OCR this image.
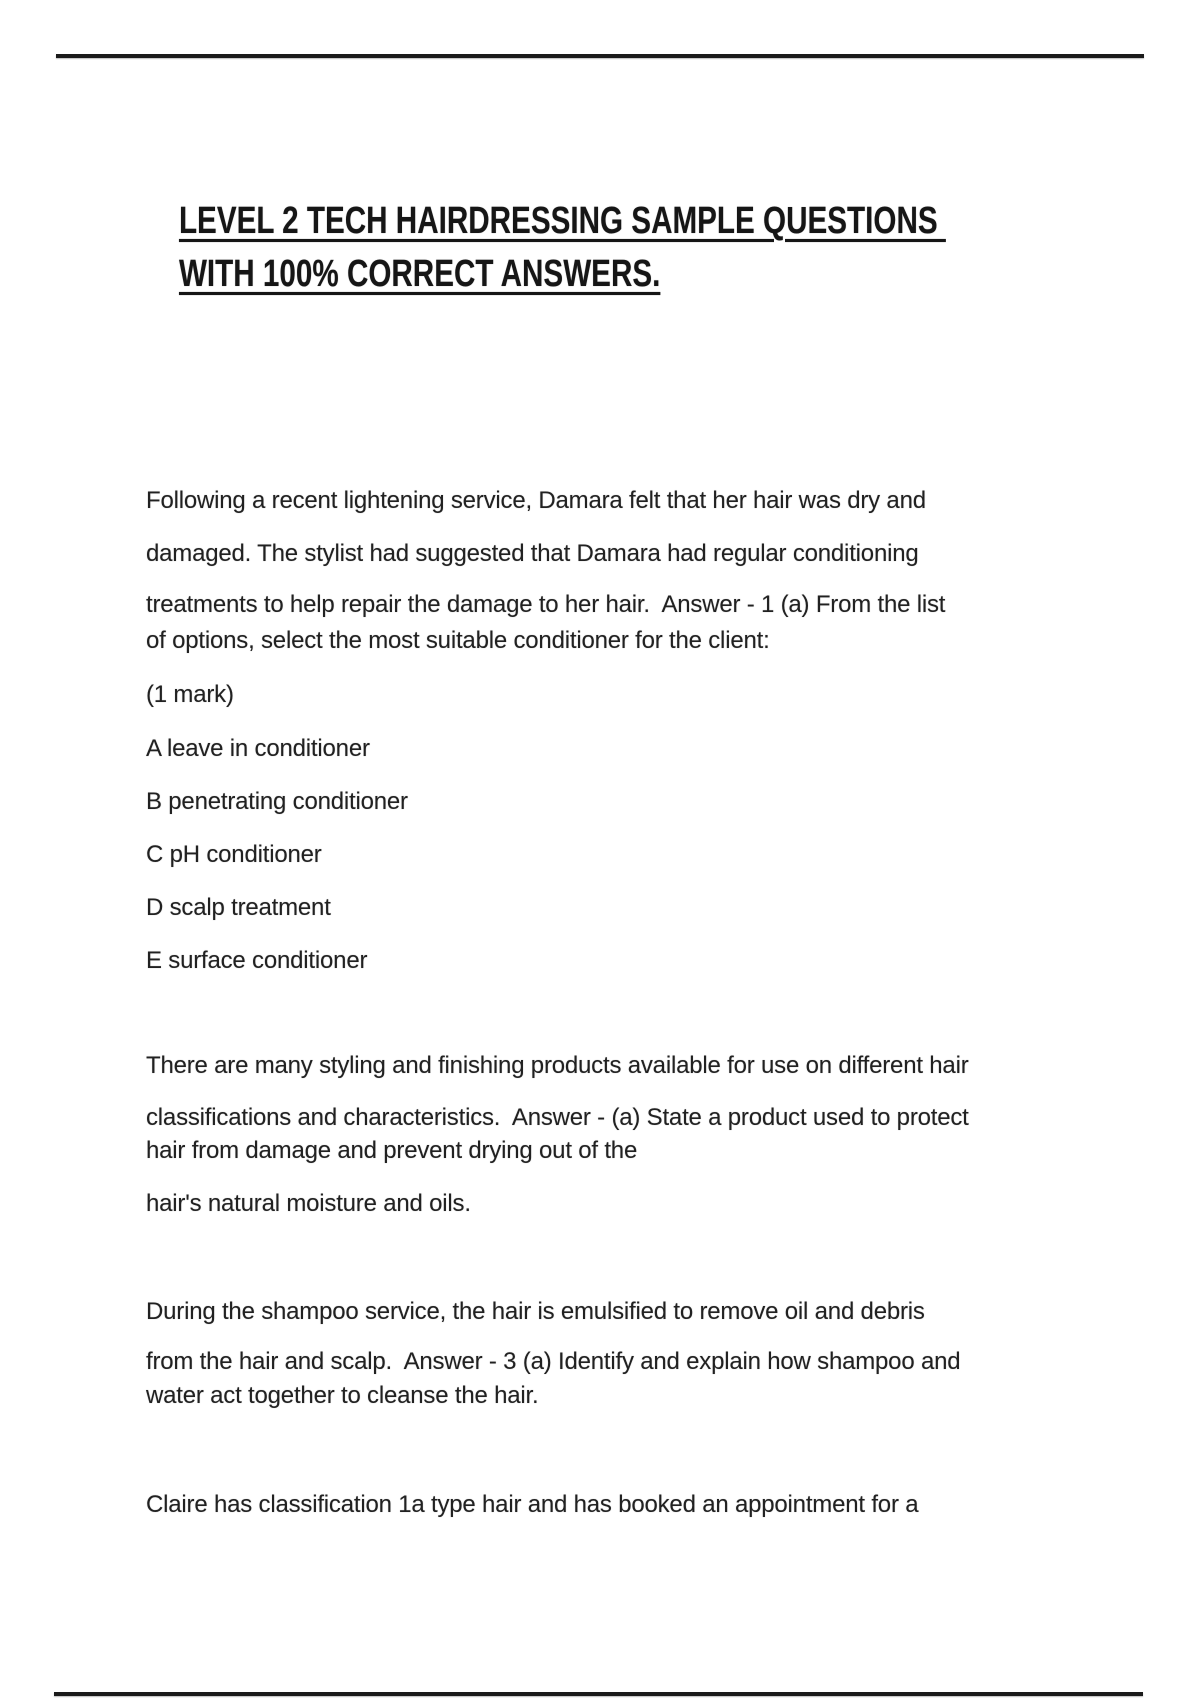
LEVEL 2 TECH HAIRDRESSING SAMPLE QUESTIONS

WITH 100% CORRECT ANSWERS.

Following a recent lightening service, Damara felt that her hair was dry and
damaged. The stylist had suggested that Damara had regular conditioning
treatments to help repair the damage to her hair.  Answer - 1 (a) From the list
of options, select the most suitable conditioner for the client:
(1 mark)
A leave in conditioner
B penetrating conditioner
C pH conditioner
D scalp treatment
E surface conditioner
There are many styling and finishing products available for use on different hair
classifications and characteristics.  Answer - (a) State a product used to protect
hair from damage and prevent drying out of the
hair's natural moisture and oils.
During the shampoo service, the hair is emulsified to remove oil and debris
from the hair and scalp.  Answer - 3 (a) Identify and explain how shampoo and
water act together to cleanse the hair.
Claire has classification 1a type hair and has booked an appointment for a
